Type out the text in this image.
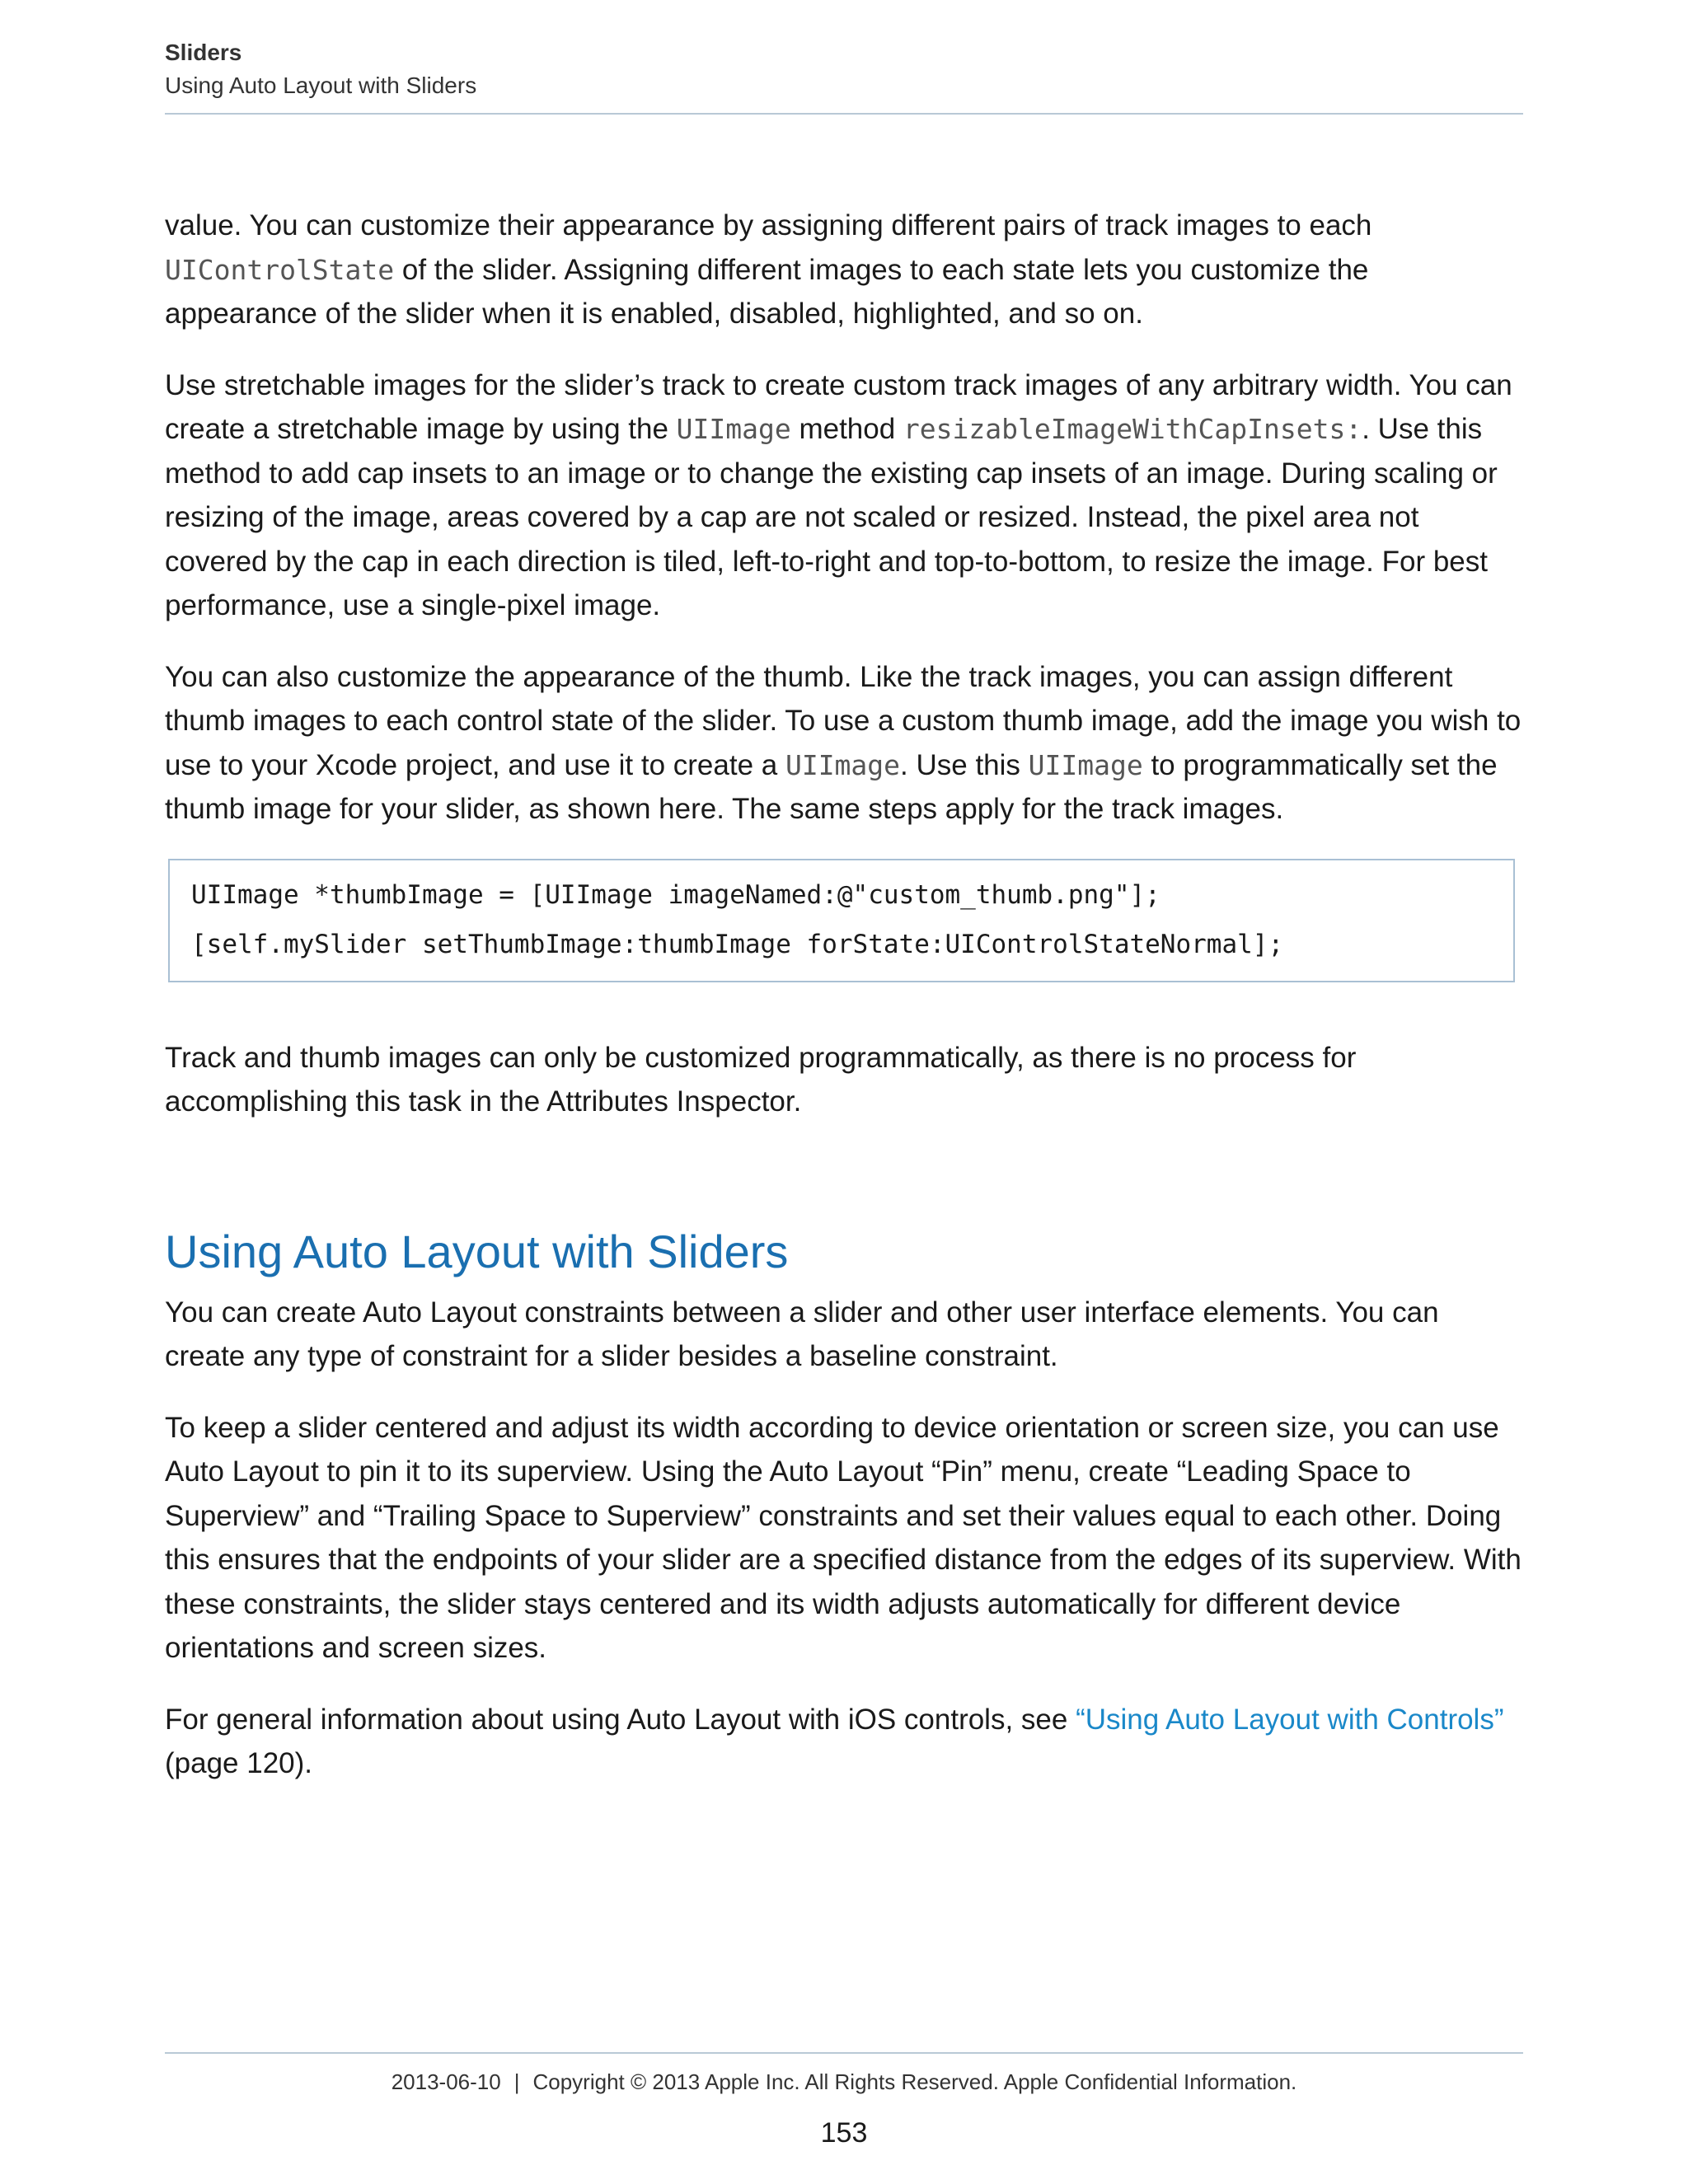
Sliders
Using Auto Layout with Sliders

value. You can customize their appearance by assigning different pairs of track images to each UIControlState of the slider. Assigning different images to each state lets you customize the appearance of the slider when it is enabled, disabled, highlighted, and so on.

Use stretchable images for the slider’s track to create custom track images of any arbitrary width. You can create a stretchable image by using the UIImage method resizableImageWithCapInsets:. Use this method to add cap insets to an image or to change the existing cap insets of an image. During scaling or resizing of the image, areas covered by a cap are not scaled or resized. Instead, the pixel area not covered by the cap in each direction is tiled, left-to-right and top-to-bottom, to resize the image. For best performance, use a single-pixel image.

You can also customize the appearance of the thumb. Like the track images, you can assign different thumb images to each control state of the slider. To use a custom thumb image, add the image you wish to use to your Xcode project, and use it to create a UIImage. Use this UIImage to programmatically set the thumb image for your slider, as shown here. The same steps apply for the track images.

UIImage *thumbImage = [UIImage imageNamed:@"custom_thumb.png"];
[self.mySlider setThumbImage:thumbImage forState:UIControlStateNormal];

Track and thumb images can only be customized programmatically, as there is no process for accomplishing this task in the Attributes Inspector.

Using Auto Layout with Sliders

You can create Auto Layout constraints between a slider and other user interface elements. You can create any type of constraint for a slider besides a baseline constraint.

To keep a slider centered and adjust its width according to device orientation or screen size, you can use Auto Layout to pin it to its superview. Using the Auto Layout “Pin” menu, create “Leading Space to Superview” and “Trailing Space to Superview” constraints and set their values equal to each other. Doing this ensures that the endpoints of your slider are a specified distance from the edges of its superview. With these constraints, the slider stays centered and its width adjusts automatically for different device orientations and screen sizes.

For general information about using Auto Layout with iOS controls, see “Using Auto Layout with Controls” (page 120).

2013-06-10 | Copyright © 2013 Apple Inc. All Rights Reserved. Apple Confidential Information.
153
